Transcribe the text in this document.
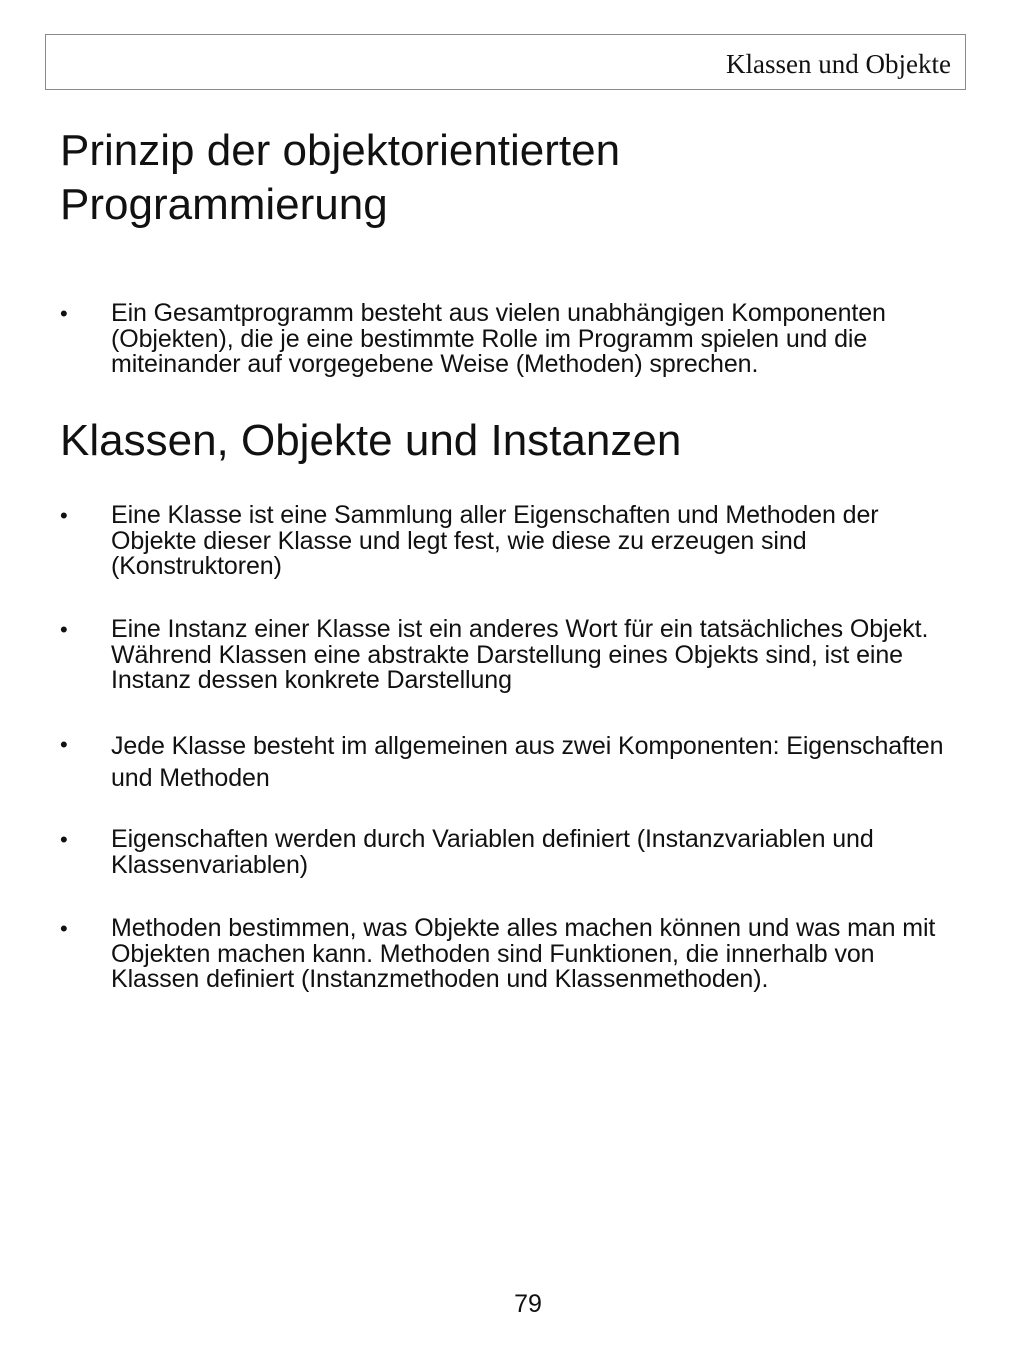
Klassen und Objekte
Prinzip der objektorientierten Programmierung
• Ein Gesamtprogramm besteht aus vielen unabhängigen Komponenten (Objekten), die je eine bestimmte Rolle im Programm spielen und die miteinander auf vorgegebene Weise (Methoden) sprechen.
Klassen, Objekte und Instanzen
• Eine Klasse ist eine Sammlung aller Eigenschaften und Methoden der Objekte dieser Klasse und legt fest, wie diese zu erzeugen sind (Konstruktoren)
• Eine Instanz einer Klasse ist ein anderes Wort für ein tatsächliches Objekt. Während Klassen eine abstrakte Darstellung eines Objekts sind, ist eine Instanz dessen konkrete Darstellung
• Jede Klasse besteht im allgemeinen aus zwei Komponenten: Eigenschaften und Methoden
• Eigenschaften werden durch Variablen definiert (Instanzvariablen und Klassenvariablen)
• Methoden bestimmen, was Objekte alles machen können und was man mit Objekten machen kann. Methoden sind Funktionen, die innerhalb von Klassen definiert (Instanzmethoden und Klassenmethoden).
79
